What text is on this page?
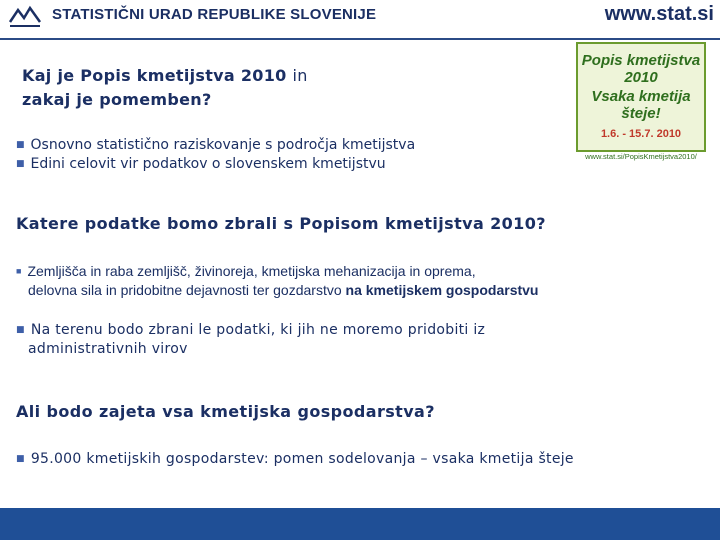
STATISTIČNI URAD REPUBLIKE SLOVENIJE	www.stat.si
Kaj je Popis kmetijstva 2010 in
zakaj je pomemben?
Popis kmetijstva 2010
Vsaka kmetija šteje!
1.6. - 15.7. 2010
www.stat.si/PopisKmetijstva2010/
■ Osnovno statistično raziskovanje s področja kmetijstva
■ Edini celovit vir podatkov o slovenskem kmetijstvu
Katere podatke bomo zbrali s Popisom kmetijstva 2010?
■ Zemljišča in raba zemljišč, živinoreja, kmetijska mehanizacija in oprema,
delovna sila in pridobitne dejavnosti ter gozdarstvo na kmetijskem gospodarstvu
■ Na terenu bodo zbrani le podatki, ki jih ne moremo pridobiti iz
administrativnih virov
Ali bodo zajeta vsa kmetijska gospodarstva?
■ 95.000 kmetijskih gospodarstev: pomen sodelovanja – vsaka kmetija šteje
